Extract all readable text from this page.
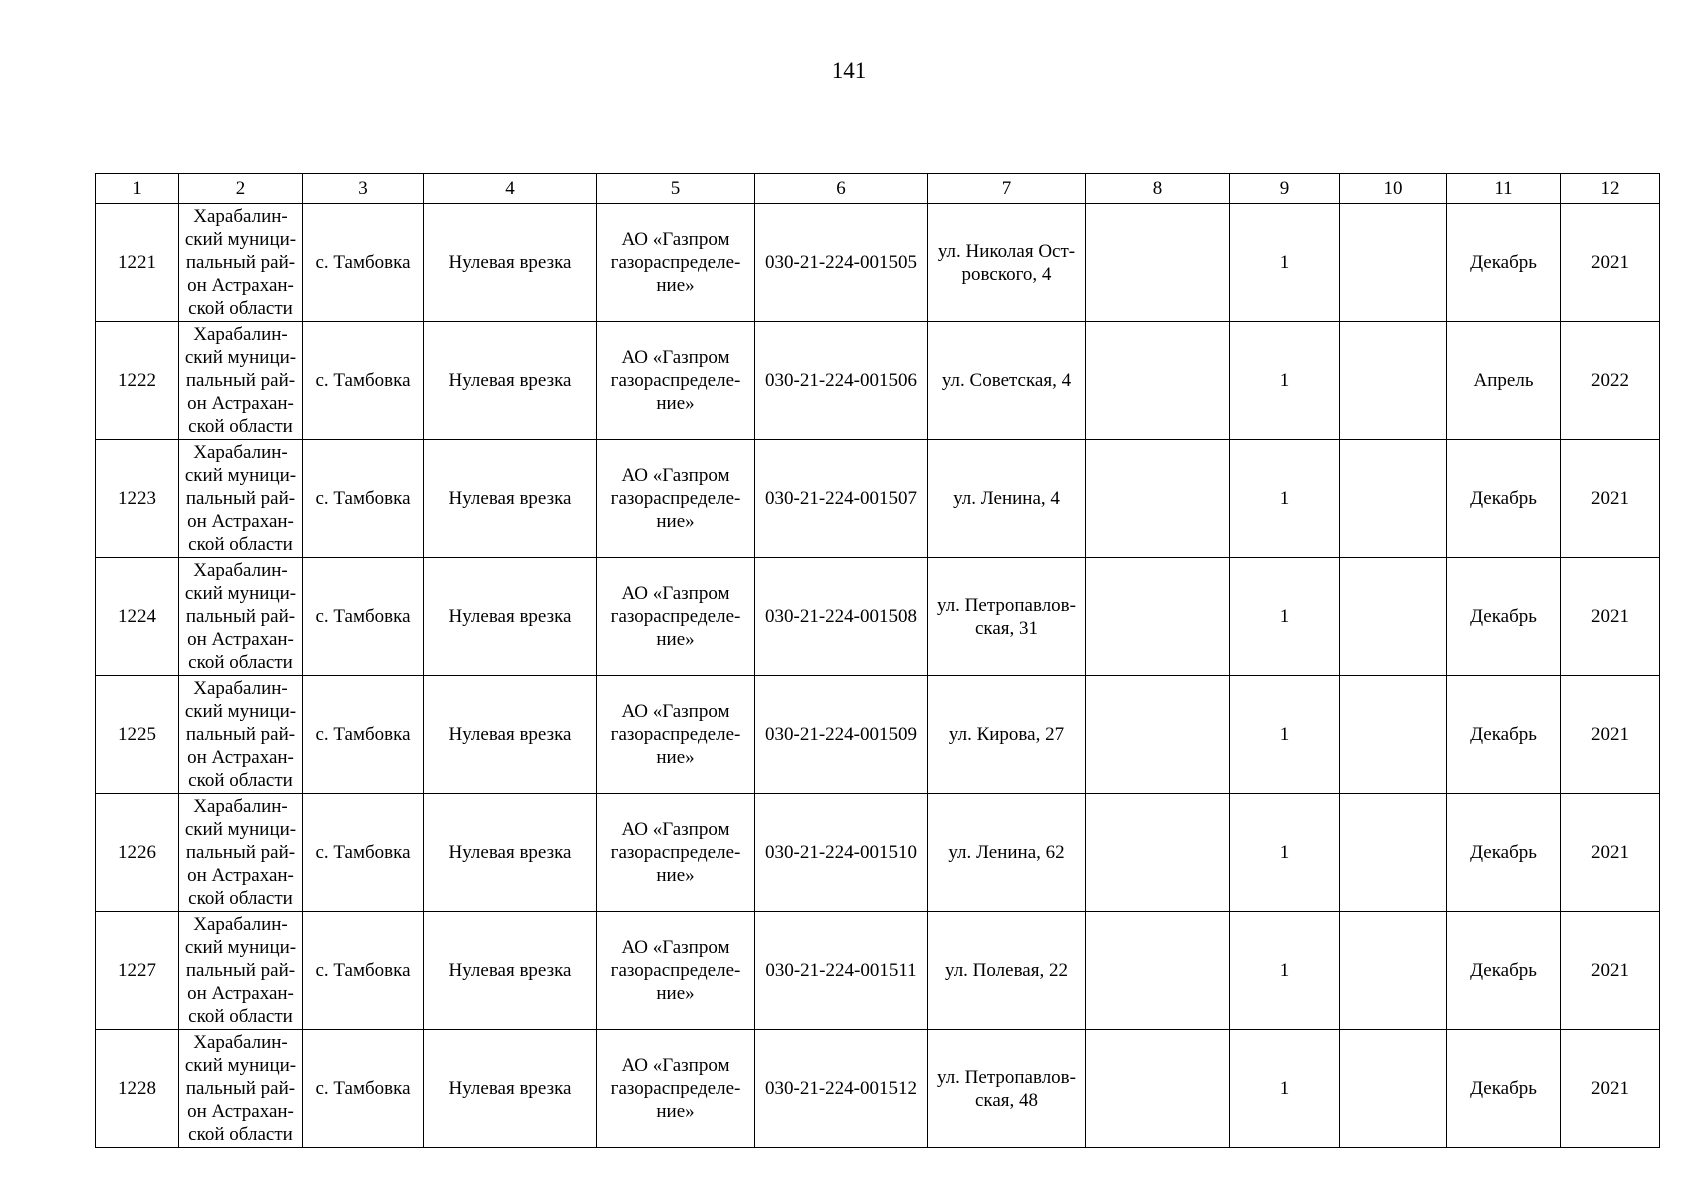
141
1	2	3	4	5	6	7	8	9	10	11	12
1221	Харабалин-
ский муници-
пальный рай-
он Астрахан-
ской области	с. Тамбовка	Нулевая врезка	АО «Газпром
газораспределе-
ние»	030-21-224-001505	ул. Николая Ост-
ровского, 4		1		Декабрь	2021
1222	Харабалин-
ский муници-
пальный рай-
он Астрахан-
ской области	с. Тамбовка	Нулевая врезка	АО «Газпром
газораспределе-
ние»	030-21-224-001506	ул. Советская, 4		1		Апрель	2022
1223	Харабалин-
ский муници-
пальный рай-
он Астрахан-
ской области	с. Тамбовка	Нулевая врезка	АО «Газпром
газораспределе-
ние»	030-21-224-001507	ул. Ленина, 4		1		Декабрь	2021
1224	Харабалин-
ский муници-
пальный рай-
он Астрахан-
ской области	с. Тамбовка	Нулевая врезка	АО «Газпром
газораспределе-
ние»	030-21-224-001508	ул. Петропавлов-
ская, 31		1		Декабрь	2021
1225	Харабалин-
ский муници-
пальный рай-
он Астрахан-
ской области	с. Тамбовка	Нулевая врезка	АО «Газпром
газораспределе-
ние»	030-21-224-001509	ул. Кирова, 27		1		Декабрь	2021
1226	Харабалин-
ский муници-
пальный рай-
он Астрахан-
ской области	с. Тамбовка	Нулевая врезка	АО «Газпром
газораспределе-
ние»	030-21-224-001510	ул. Ленина, 62		1		Декабрь	2021
1227	Харабалин-
ский муници-
пальный рай-
он Астрахан-
ской области	с. Тамбовка	Нулевая врезка	АО «Газпром
газораспределе-
ние»	030-21-224-001511	ул. Полевая, 22		1		Декабрь	2021
1228	Харабалин-
ский муници-
пальный рай-
он Астрахан-
ской области	с. Тамбовка	Нулевая врезка	АО «Газпром
газораспределе-
ние»	030-21-224-001512	ул. Петропавлов-
ская, 48		1		Декабрь	2021
